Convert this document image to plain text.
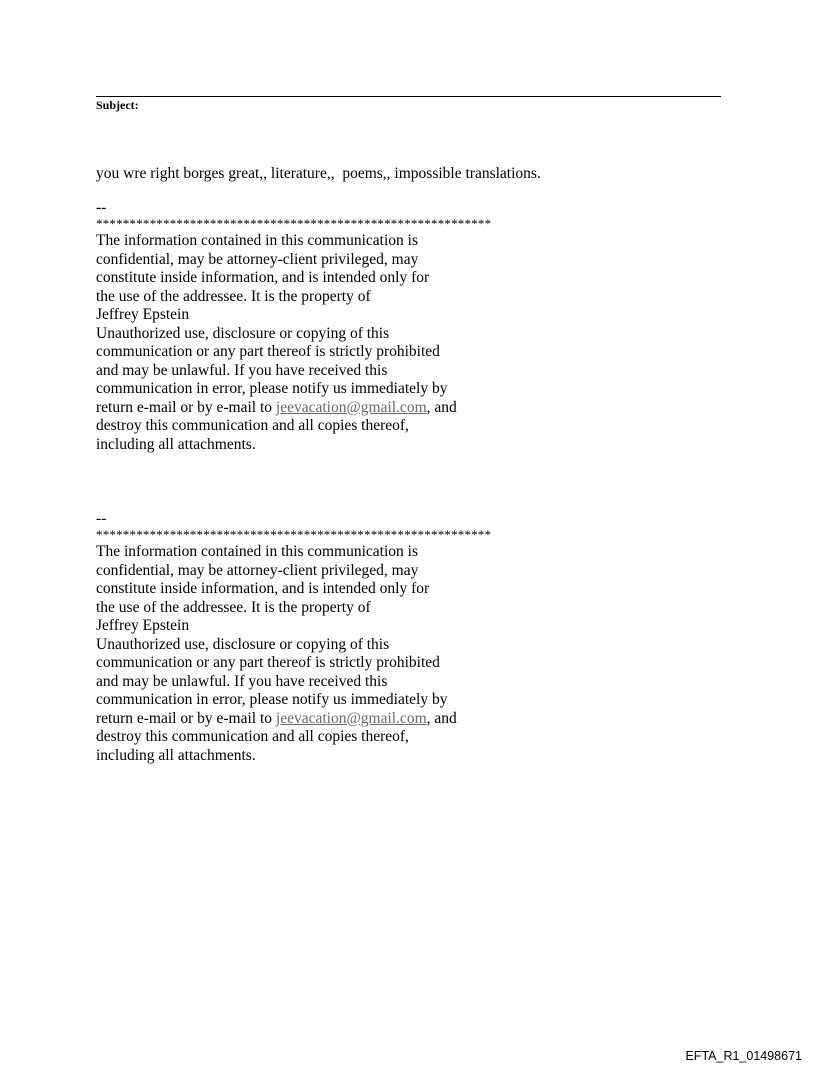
Subject:
you wre right borges great,, literature,,  poems,, impossible translations.
--
***********************************************************
The information contained in this communication is
confidential, may be attorney-client privileged, may
constitute inside information, and is intended only for
the use of the addressee. It is the property of
Jeffrey Epstein
Unauthorized use, disclosure or copying of this
communication or any part thereof is strictly prohibited
and may be unlawful. If you have received this
communication in error, please notify us immediately by
return e-mail or by e-mail to jeevacation@gmail.com, and
destroy this communication and all copies thereof,
including all attachments.
--
***********************************************************
The information contained in this communication is
confidential, may be attorney-client privileged, may
constitute inside information, and is intended only for
the use of the addressee. It is the property of
Jeffrey Epstein
Unauthorized use, disclosure or copying of this
communication or any part thereof is strictly prohibited
and may be unlawful. If you have received this
communication in error, please notify us immediately by
return e-mail or by e-mail to jeevacation@gmail.com, and
destroy this communication and all copies thereof,
including all attachments.
EFTA_R1_01498671
